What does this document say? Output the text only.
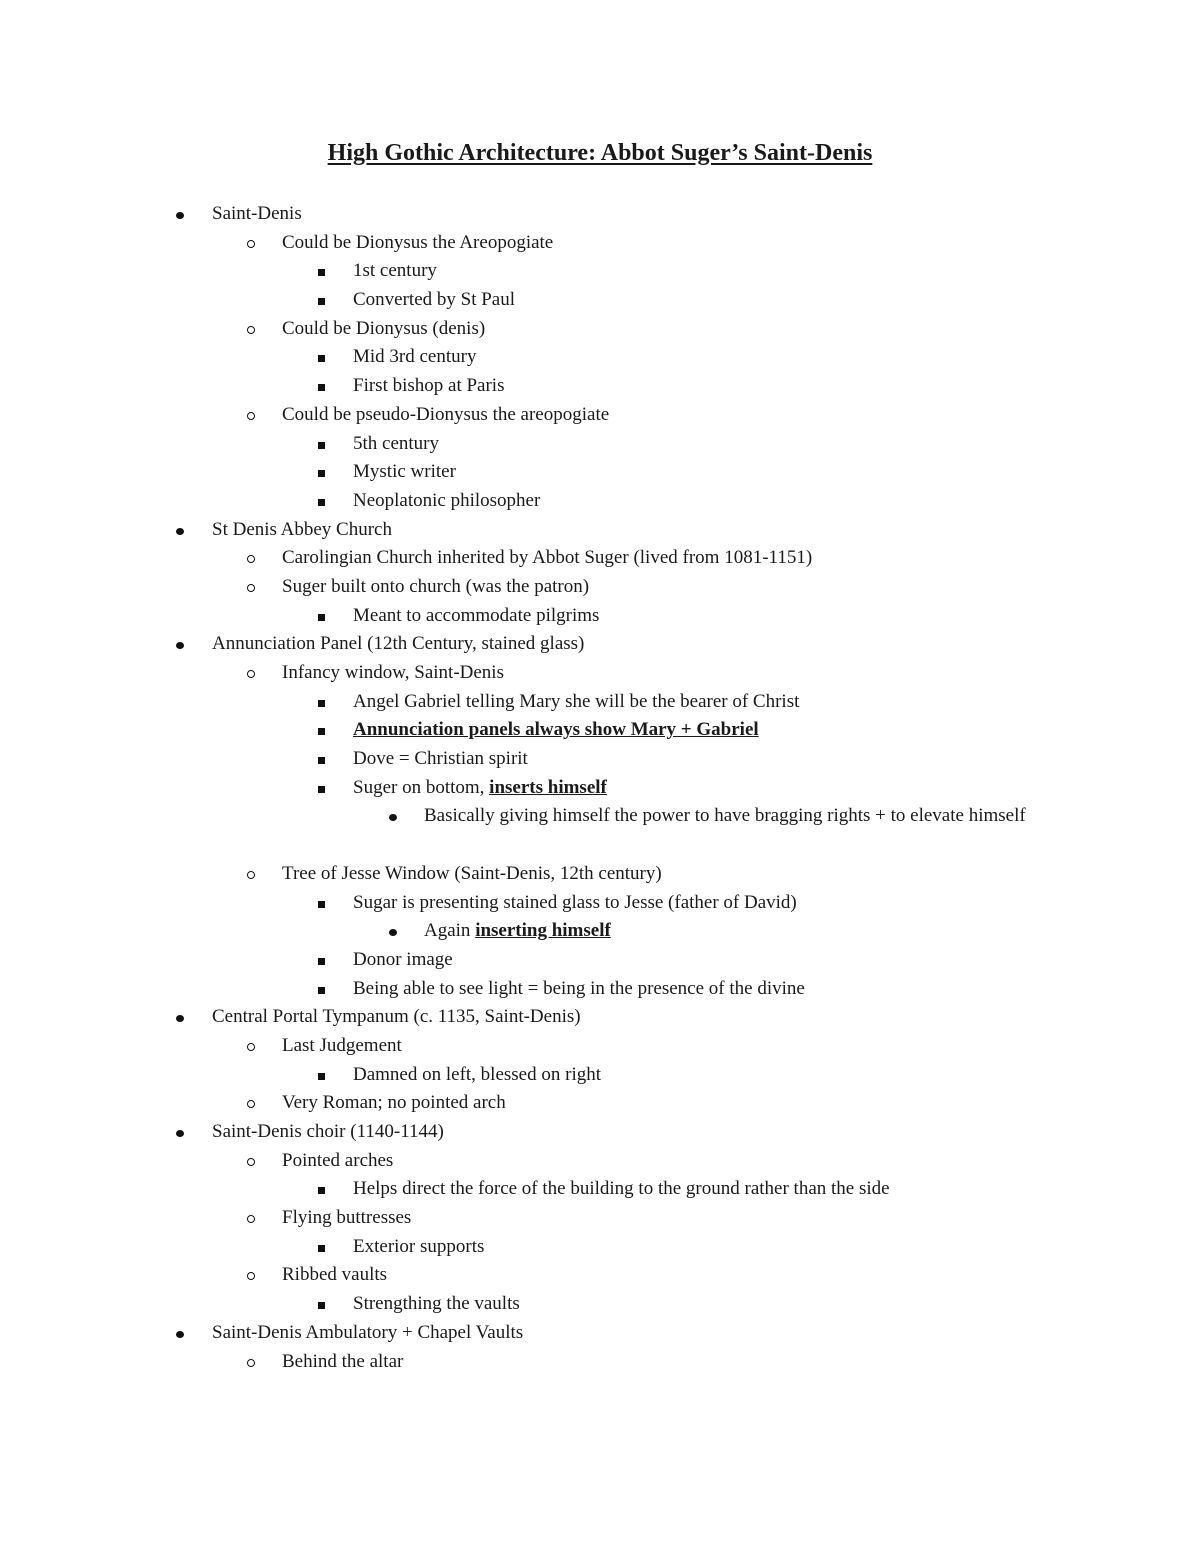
High Gothic Architecture: Abbot Suger’s Saint-Denis
Saint-Denis
Could be Dionysus the Areopogiate
1st century
Converted by St Paul
Could be Dionysus (denis)
Mid 3rd century
First bishop at Paris
Could be pseudo-Dionysus the areopogiate
5th century
Mystic writer
Neoplatonic philosopher
St Denis Abbey Church
Carolingian Church inherited by Abbot Suger (lived from 1081-1151)
Suger built onto church (was the patron)
Meant to accommodate pilgrims
Annunciation Panel (12th Century, stained glass)
Infancy window, Saint-Denis
Angel Gabriel telling Mary she will be the bearer of Christ
Annunciation panels always show Mary + Gabriel
Dove = Christian spirit
Suger on bottom, inserts himself
Basically giving himself the power to have bragging rights + to elevate himself
Tree of Jesse Window (Saint-Denis, 12th century)
Sugar is presenting stained glass to Jesse (father of David)
Again inserting himself
Donor image
Being able to see light = being in the presence of the divine
Central Portal Tympanum (c. 1135, Saint-Denis)
Last Judgement
Damned on left, blessed on right
Very Roman; no pointed arch
Saint-Denis choir (1140-1144)
Pointed arches
Helps direct the force of the building to the ground rather than the side
Flying buttresses
Exterior supports
Ribbed vaults
Strengthing the vaults
Saint-Denis Ambulatory + Chapel Vaults
Behind the altar
